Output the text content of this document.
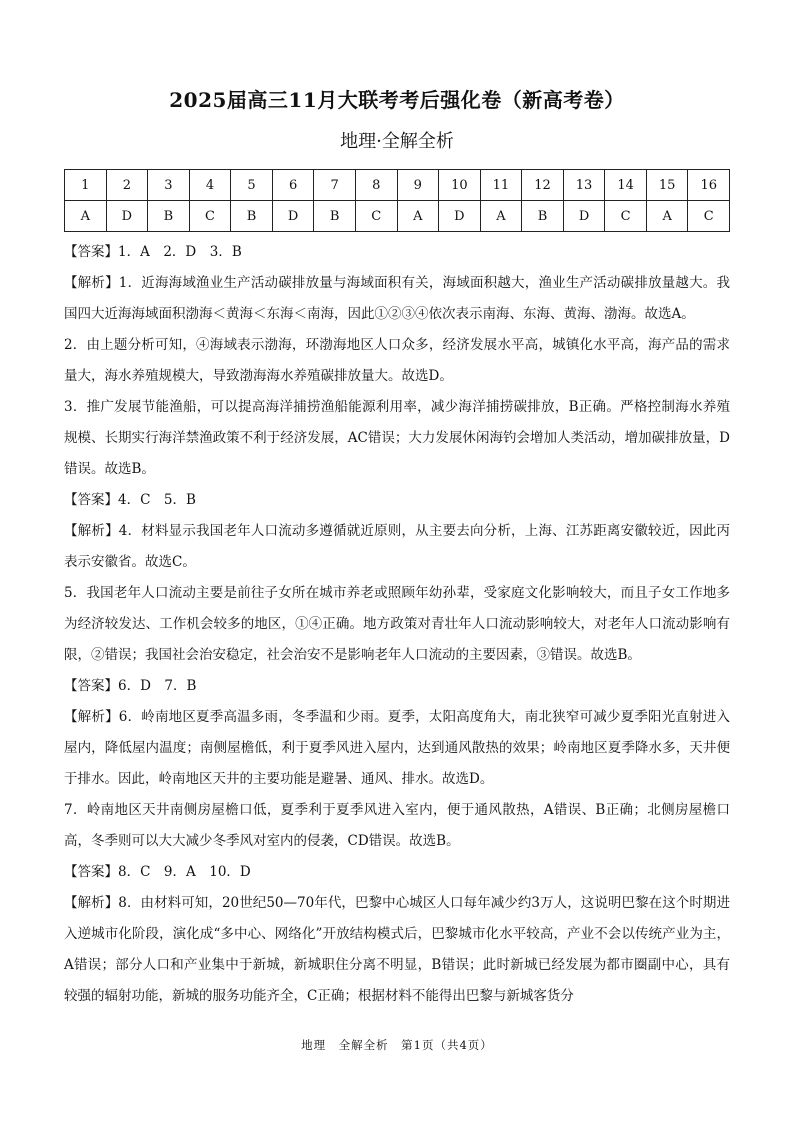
2025届高三11月大联考考后强化卷（新高考卷）
地理·全解全析
1	2	3	4	5	6	7	8	9	10	11	12	13	14	15	16
A	D	B	C	B	D	B	C	A	D	A	B	D	C	A	C

【答案】1．A　2．D　3．B

【解析】1．近海海域渔业生产活动碳排放量与海域面积有关，海域面积越大，渔业生产活动碳排放量越大。我国四大近海海域面积渤海＜黄海＜东海＜南海，因此①②③④依次表示南海、东海、黄海、渤海。故选A。

2．由上题分析可知，④海域表示渤海，环渤海地区人口众多，经济发展水平高，城镇化水平高，海产品的需求量大，海水养殖规模大，导致渤海海水养殖碳排放量大。故选D。

3．推广发展节能渔船，可以提高海洋捕捞渔船能源利用率，减少海洋捕捞碳排放，B正确。严格控制海水养殖规模、长期实行海洋禁渔政策不利于经济发展，AC错误；大力发展休闲海钓会增加人类活动，增加碳排放量，D错误。故选B。

【答案】4．C　5．B

【解析】4．材料显示我国老年人口流动多遵循就近原则，从主要去向分析，上海、江苏距离安徽较近，因此丙表示安徽省。故选C。

5．我国老年人口流动主要是前往子女所在城市养老或照顾年幼孙辈，受家庭文化影响较大，而且子女工作地多为经济较发达、工作机会较多的地区，①④正确。地方政策对青壮年人口流动影响较大，对老年人口流动影响有限，②错误；我国社会治安稳定，社会治安不是影响老年人口流动的主要因素，③错误。故选B。

【答案】6．D　7．B

【解析】6．岭南地区夏季高温多雨，冬季温和少雨。夏季，太阳高度角大，南北狭窄可减少夏季阳光直射进入屋内，降低屋内温度；南侧屋檐低，利于夏季风进入屋内，达到通风散热的效果；岭南地区夏季降水多，天井便于排水。因此，岭南地区天井的主要功能是避暑、通风、排水。故选D。

7．岭南地区天井南侧房屋檐口低，夏季利于夏季风进入室内，便于通风散热，A错误、B正确；北侧房屋檐口高，冬季则可以大大减少冬季风对室内的侵袭，CD错误。故选B。

【答案】8．C　9．A　10．D

【解析】8．由材料可知，20世纪50—70年代，巴黎中心城区人口每年减少约3万人，这说明巴黎在这个时期进入逆城市化阶段，演化成“多中心、网络化”开放结构模式后，巴黎城市化水平较高，产业不会以传统产业为主，A错误；部分人口和产业集中于新城，新城职住分离不明显，B错误；此时新城已经发展为都市圈副中心，具有较强的辐射功能，新城的服务功能齐全，C正确；根据材料不能得出巴黎与新城客货分

地理　全解全析　第1页（共4页）
